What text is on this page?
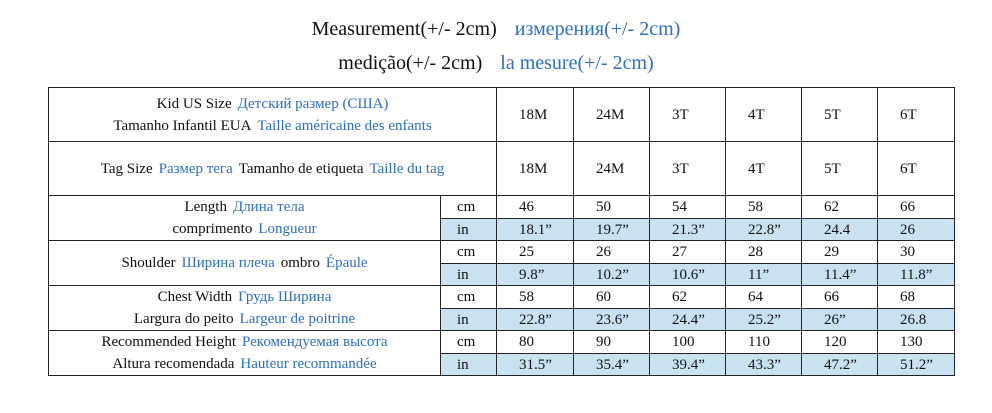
Measurement(+/- 2cm) измерения(+/- 2cm)
medição(+/- 2cm) la mesure(+/- 2cm)
Kid US Size Детский размер (США)
Tamanho Infantil EUA Taille américaine des enfants		18M	24M	3T	4T	5T	6T
Tag Size Размер тега Tamanho de etiqueta Taille du tag		18M	24M	3T	4T	5T	6T

Length Длина тела
comprimento Longueur	cm	46	50	54	58	62	66
	in	18.1”	19.7”	21.3”	22.8”	24.4	26

Shoulder Ширина плеча ombro Épaule	cm	25	26	27	28	29	30
	in	9.8”	10.2”	10.6”	11”	11.4”	11.8”

Chest Width Грудь Ширина
Largura do peito Largeur de poitrine	cm	58	60	62	64	66	68
	in	22.8”	23.6”	24.4”	25.2”	26”	26.8

Recommended Height Рекомендуемая высота
Altura recomendada Hauteur recommandée	cm	80	90	100	110	120	130
	in	31.5”	35.4”	39.4”	43.3”	47.2”	51.2”
